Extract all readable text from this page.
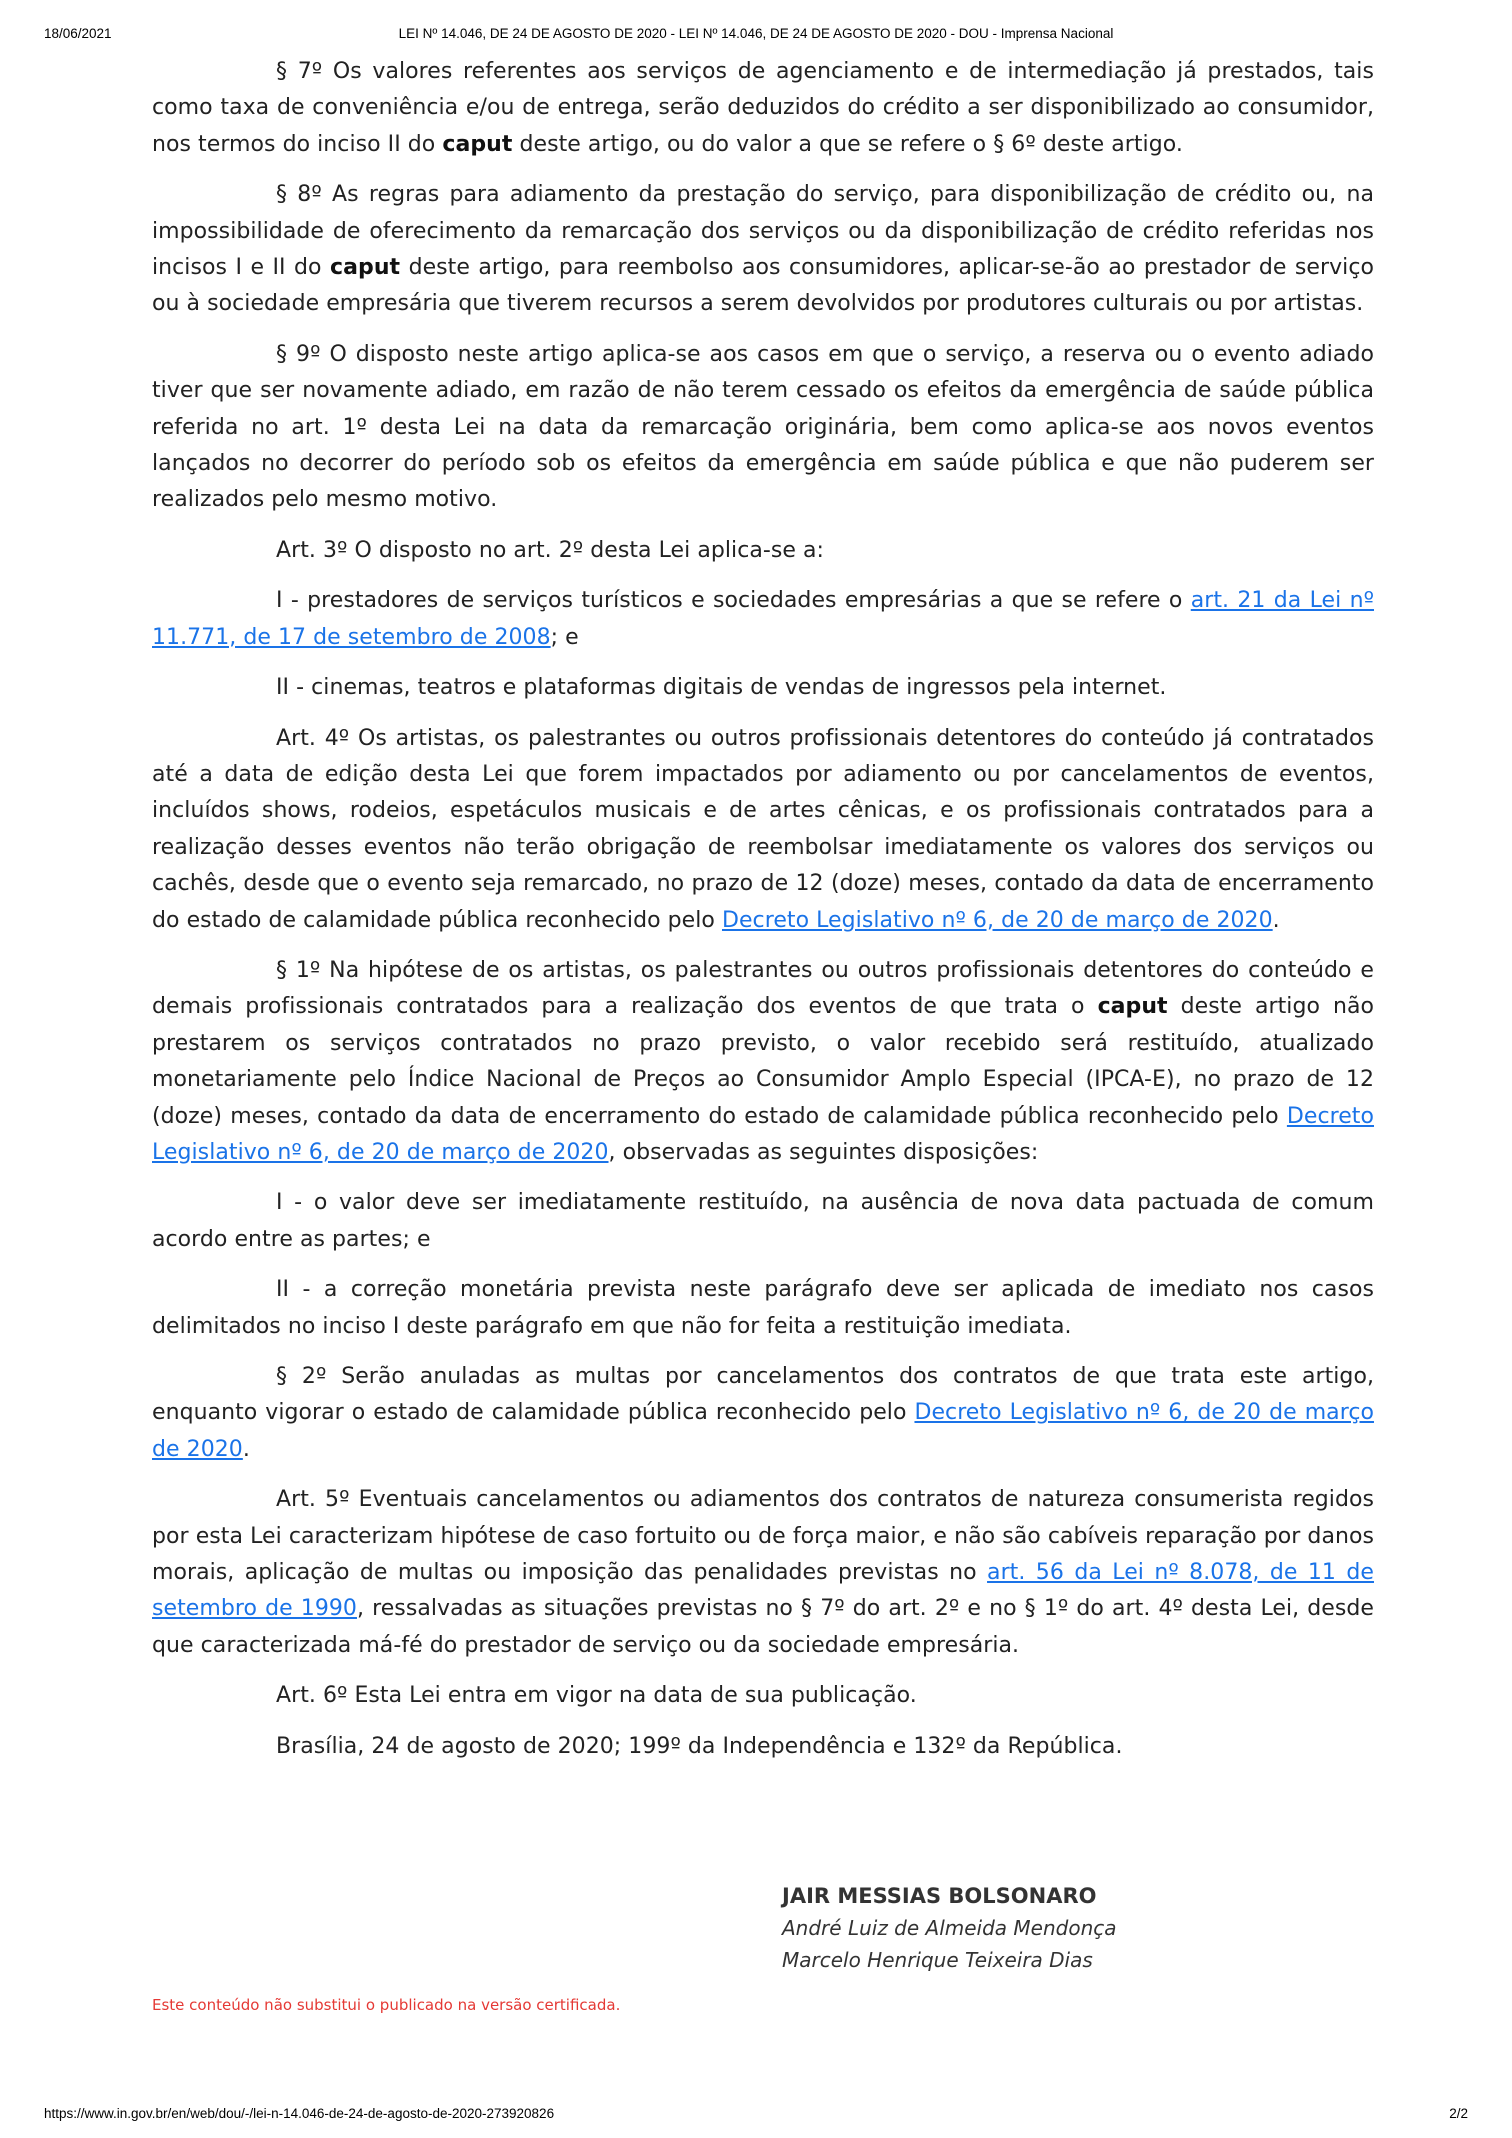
18/06/2021	LEI Nº 14.046, DE 24 DE AGOSTO DE 2020 - LEI Nº 14.046, DE 24 DE AGOSTO DE 2020 - DOU - Imprensa Nacional

§ 7º Os valores referentes aos serviços de agenciamento e de intermediação já prestados, tais como taxa de conveniência e/ou de entrega, serão deduzidos do crédito a ser disponibilizado ao consumidor, nos termos do inciso II do caput deste artigo, ou do valor a que se refere o § 6º deste artigo.

§ 8º As regras para adiamento da prestação do serviço, para disponibilização de crédito ou, na impossibilidade de oferecimento da remarcação dos serviços ou da disponibilização de crédito referidas nos incisos I e II do caput deste artigo, para reembolso aos consumidores, aplicar-se-ão ao prestador de serviço ou à sociedade empresária que tiverem recursos a serem devolvidos por produtores culturais ou por artistas.

§ 9º O disposto neste artigo aplica-se aos casos em que o serviço, a reserva ou o evento adiado tiver que ser novamente adiado, em razão de não terem cessado os efeitos da emergência de saúde pública referida no art. 1º desta Lei na data da remarcação originária, bem como aplica-se aos novos eventos lançados no decorrer do período sob os efeitos da emergência em saúde pública e que não puderem ser realizados pelo mesmo motivo.

Art. 3º O disposto no art. 2º desta Lei aplica-se a:

I - prestadores de serviços turísticos e sociedades empresárias a que se refere o art. 21 da Lei nº 11.771, de 17 de setembro de 2008; e

II - cinemas, teatros e plataformas digitais de vendas de ingressos pela internet.

Art. 4º Os artistas, os palestrantes ou outros profissionais detentores do conteúdo já contratados até a data de edição desta Lei que forem impactados por adiamento ou por cancelamentos de eventos, incluídos shows, rodeios, espetáculos musicais e de artes cênicas, e os profissionais contratados para a realização desses eventos não terão obrigação de reembolsar imediatamente os valores dos serviços ou cachês, desde que o evento seja remarcado, no prazo de 12 (doze) meses, contado da data de encerramento do estado de calamidade pública reconhecido pelo Decreto Legislativo nº 6, de 20 de março de 2020.

§ 1º Na hipótese de os artistas, os palestrantes ou outros profissionais detentores do conteúdo e demais profissionais contratados para a realização dos eventos de que trata o caput deste artigo não prestarem os serviços contratados no prazo previsto, o valor recebido será restituído, atualizado monetariamente pelo Índice Nacional de Preços ao Consumidor Amplo Especial (IPCA-E), no prazo de 12 (doze) meses, contado da data de encerramento do estado de calamidade pública reconhecido pelo Decreto Legislativo nº 6, de 20 de março de 2020, observadas as seguintes disposições:

I - o valor deve ser imediatamente restituído, na ausência de nova data pactuada de comum acordo entre as partes; e

II - a correção monetária prevista neste parágrafo deve ser aplicada de imediato nos casos delimitados no inciso I deste parágrafo em que não for feita a restituição imediata.

§ 2º Serão anuladas as multas por cancelamentos dos contratos de que trata este artigo, enquanto vigorar o estado de calamidade pública reconhecido pelo Decreto Legislativo nº 6, de 20 de março de 2020.

Art. 5º Eventuais cancelamentos ou adiamentos dos contratos de natureza consumerista regidos por esta Lei caracterizam hipótese de caso fortuito ou de força maior, e não são cabíveis reparação por danos morais, aplicação de multas ou imposição das penalidades previstas no art. 56 da Lei nº 8.078, de 11 de setembro de 1990, ressalvadas as situações previstas no § 7º do art. 2º e no § 1º do art. 4º desta Lei, desde que caracterizada má-fé do prestador de serviço ou da sociedade empresária.

Art. 6º Esta Lei entra em vigor na data de sua publicação.

Brasília, 24 de agosto de 2020; 199º da Independência e 132º da República.

JAIR MESSIAS BOLSONARO
André Luiz de Almeida Mendonça
Marcelo Henrique Teixeira Dias
Este conteúdo não substitui o publicado na versão certificada.
https://www.in.gov.br/en/web/dou/-/lei-n-14.046-de-24-de-agosto-de-2020-273920826	2/2
